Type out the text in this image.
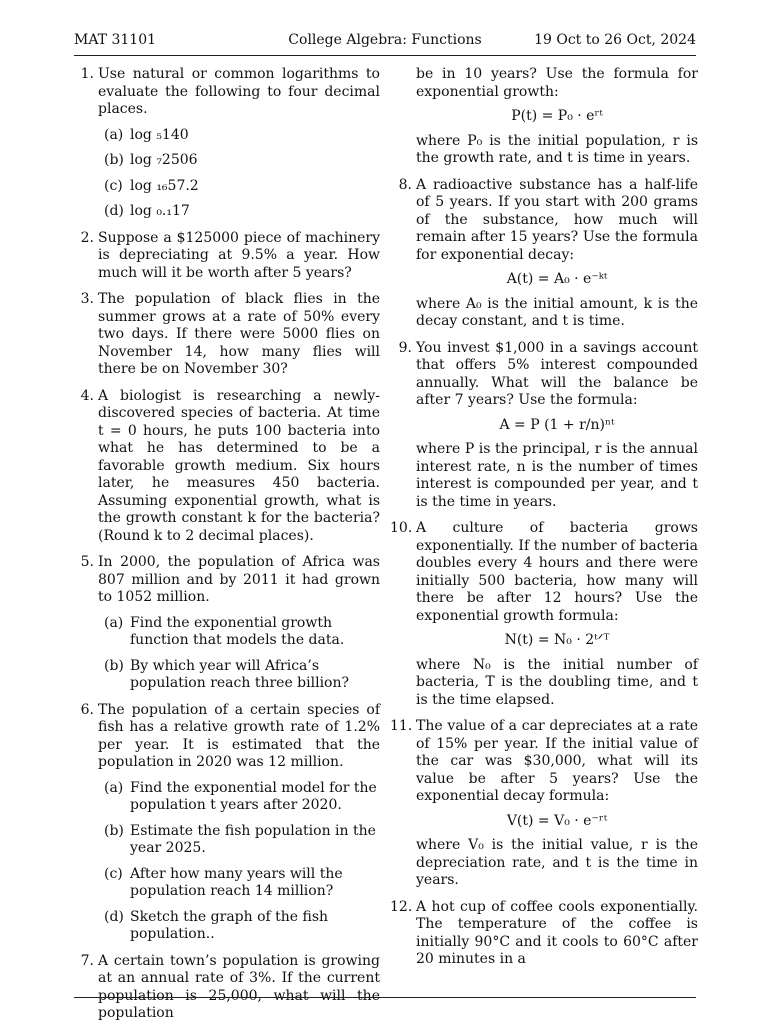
MAT 31101	College Algebra: Functions	19 Oct to 26 Oct, 2024
1. Use natural or common logarithms to evaluate the following to four decimal places.
(a) log ₅140
(b) log ₇2506
(c) log ₁₆57.2
(d) log ₀.₁17
2. Suppose a $125000 piece of machinery is depreciating at 9.5% a year. How much will it be worth after 5 years?
3. The population of black flies in the summer grows at a rate of 50% every two days. If there were 5000 flies on November 14, how many flies will there be on November 30?
4. A biologist is researching a newly-discovered species of bacteria. At time t = 0 hours, he puts 100 bacteria into what he has determined to be a favorable growth medium. Six hours later, he measures 450 bacteria. Assuming exponential growth, what is the growth constant k for the bacteria? (Round k to 2 decimal places).
5. In 2000, the population of Africa was 807 million and by 2011 it had grown to 1052 million.
(a) Find the exponential growth function that models the data.
(b) By which year will Africa’s population reach three billion?
6. The population of a certain species of fish has a relative growth rate of 1.2% per year. It is estimated that the population in 2020 was 12 million.
(a) Find the exponential model for the population t years after 2020.
(b) Estimate the fish population in the year 2025.
(c) After how many years will the population reach 14 million?
(d) Sketch the graph of the fish population..
7. A certain town’s population is growing at an annual rate of 3%. If the current population is 25,000, what will the population
be in 10 years? Use the formula for exponential growth:
P(t) = P₀ · eʳᵗ
where P₀ is the initial population, r is the growth rate, and t is time in years.
8. A radioactive substance has a half-life of 5 years. If you start with 200 grams of the substance, how much will remain after 15 years? Use the formula for exponential decay:
A(t) = A₀ · e⁻ᵏᵗ
where A₀ is the initial amount, k is the decay constant, and t is time.
9. You invest $1,000 in a savings account that offers 5% interest compounded annually. What will the balance be after 7 years? Use the formula:
A = P (1 + r/n)ⁿᵗ
where P is the principal, r is the annual interest rate, n is the number of times interest is compounded per year, and t is the time in years.
10. A culture of bacteria grows exponentially. If the number of bacteria doubles every 4 hours and there were initially 500 bacteria, how many will there be after 12 hours? Use the exponential growth formula:
N(t) = N₀ · 2ᵗᐟᵀ
where N₀ is the initial number of bacteria, T is the doubling time, and t is the time elapsed.
11. The value of a car depreciates at a rate of 15% per year. If the initial value of the car was $30,000, what will its value be after 5 years? Use the exponential decay formula:
V(t) = V₀ · e⁻ʳᵗ
where V₀ is the initial value, r is the depreciation rate, and t is the time in years.
12. A hot cup of coffee cools exponentially. The temperature of the coffee is initially 90°C and it cools to 60°C after 20 minutes in a
